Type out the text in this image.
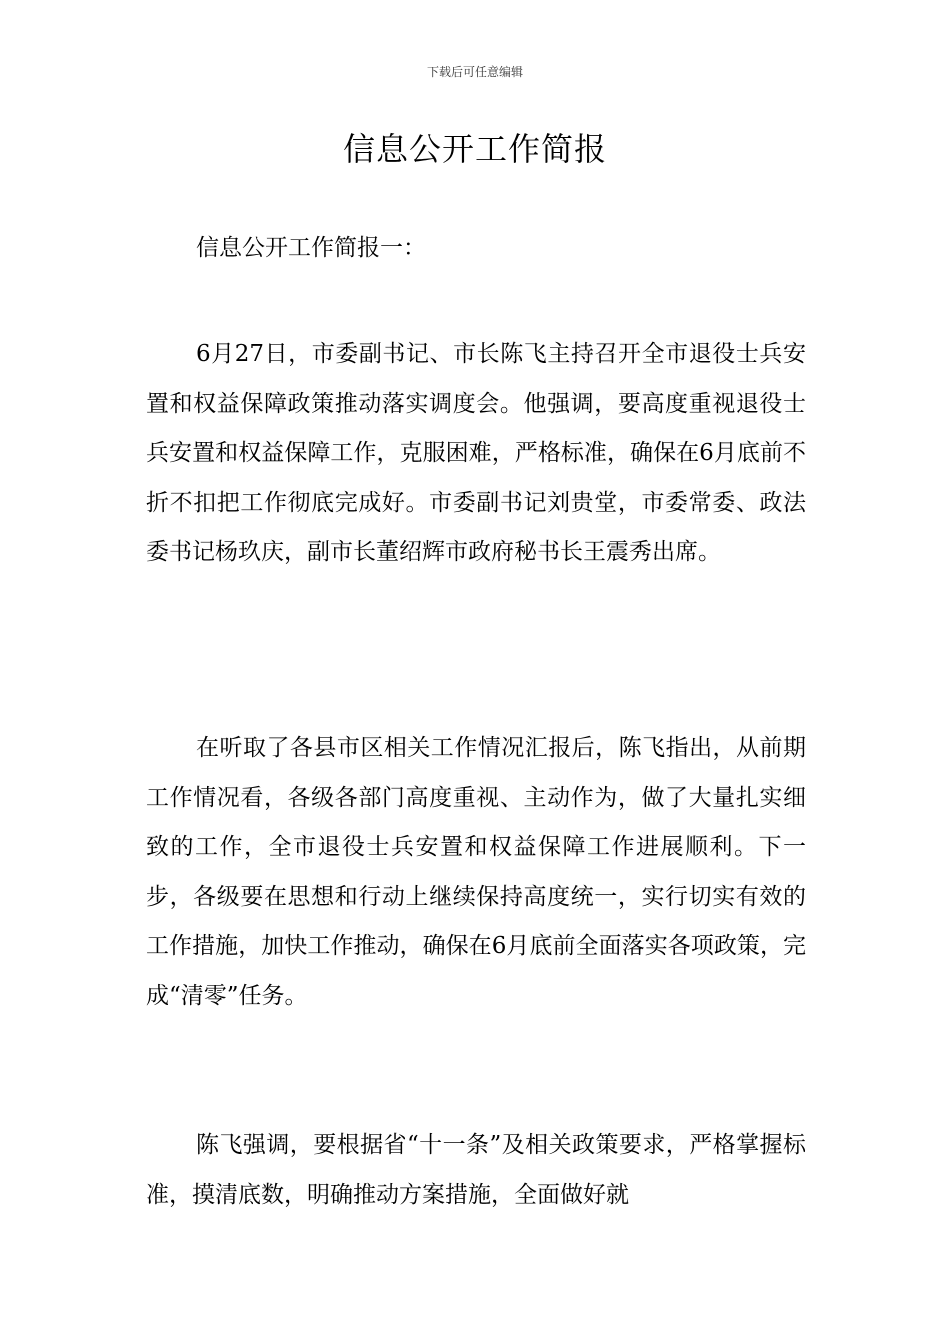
下载后可任意编辑
信息公开工作简报
信息公开工作简报一：

6月27日，市委副书记、市长陈飞主持召开全市退役士兵安置和权益保障政策推动落实调度会。他强调，要高度重视退役士兵安置和权益保障工作，克服困难，严格标准，确保在6月底前不折不扣把工作彻底完成好。市委副书记刘贵堂，市委常委、政法委书记杨玖庆，副市长董绍辉市政府秘书长王震秀出席。

在听取了各县市区相关工作情况汇报后，陈飞指出，从前期工作情况看，各级各部门高度重视、主动作为，做了大量扎实细致的工作，全市退役士兵安置和权益保障工作进展顺利。下一步，各级要在思想和行动上继续保持高度统一，实行切实有效的工作措施，加快工作推动，确保在6月底前全面落实各项政策，完成“清零”任务。

陈飞强调，要根据省“十一条”及相关政策要求，严格掌握标准，摸清底数，明确推动方案措施，全面做好就
